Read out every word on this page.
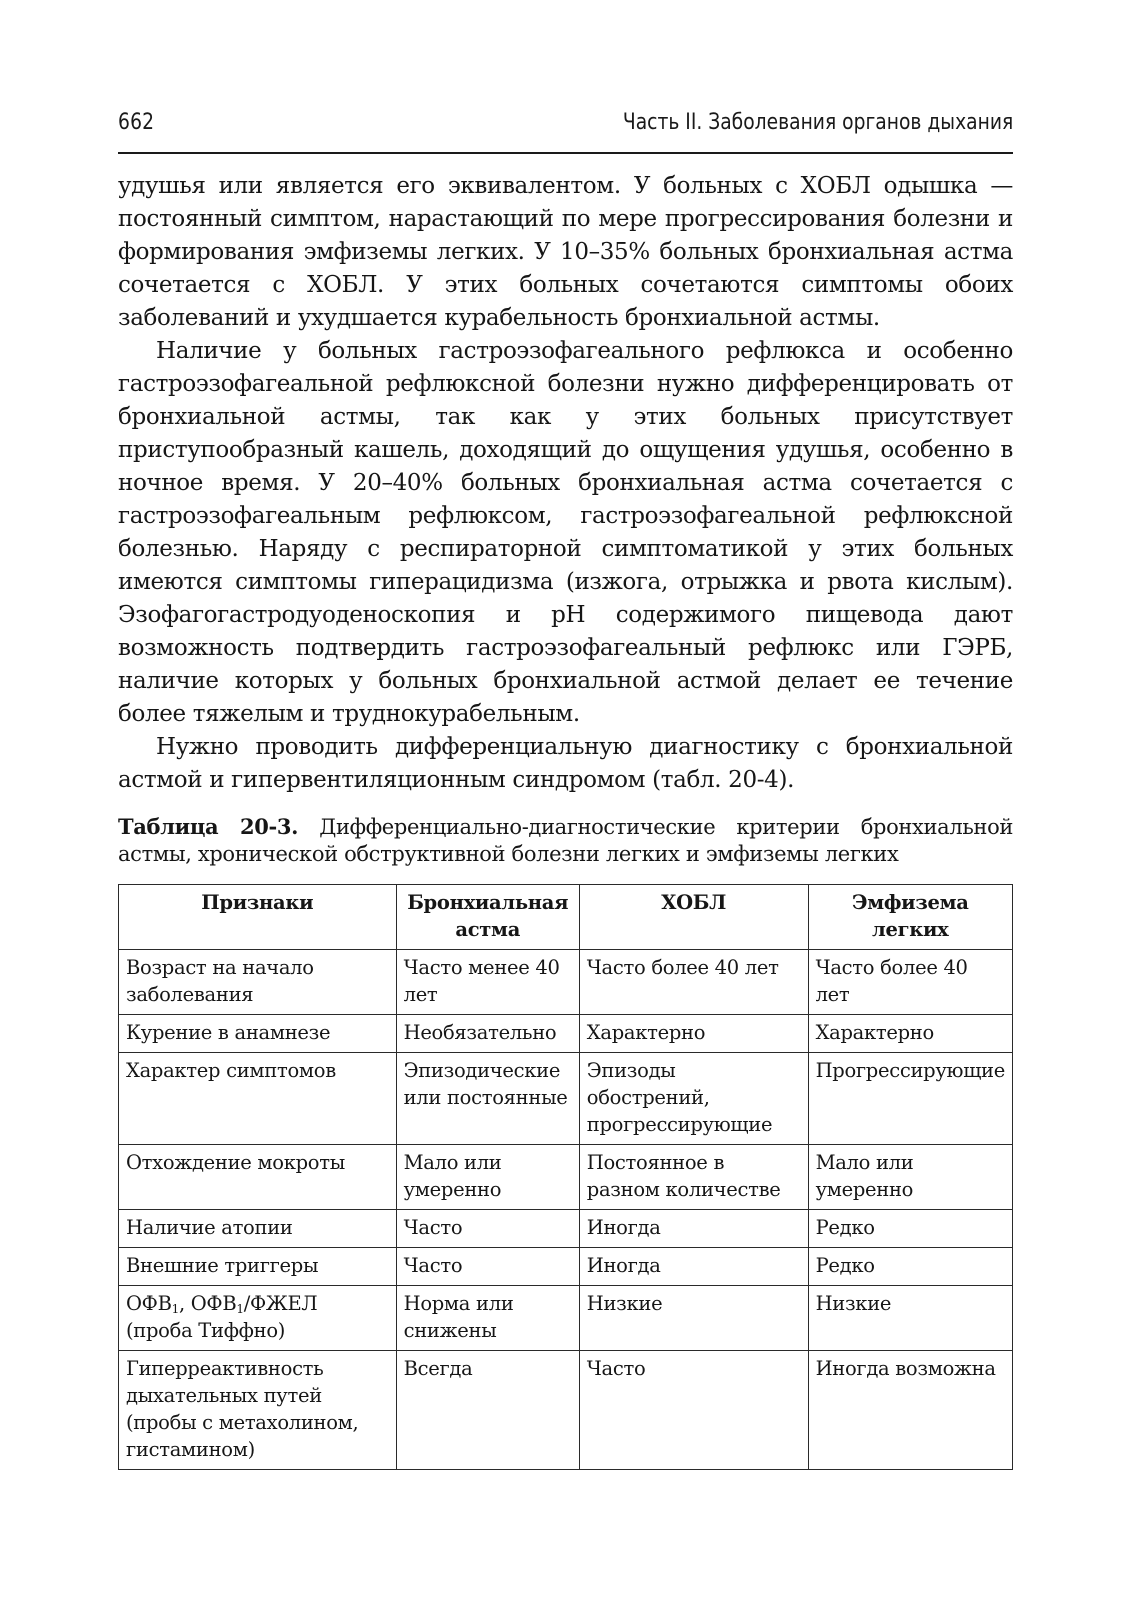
662	Часть II. Заболевания органов дыхания

удушья или является его эквивалентом. У больных с ХОБЛ одышка — постоянный симптом, нарастающий по мере прогрессирования болезни и формирования эмфиземы легких. У 10–35% больных бронхиальная астма сочетается с ХОБЛ. У этих больных сочетаются симптомы обоих заболеваний и ухудшается курабельность бронхиальной астмы.

Наличие у больных гастроэзофагеального рефлюкса и особенно гастроэзофагеальной рефлюксной болезни нужно дифференцировать от бронхиальной астмы, так как у этих больных присутствует приступообразный кашель, доходящий до ощущения удушья, особенно в ночное время. У 20–40% больных бронхиальная астма сочетается с гастроэзофагеальным рефлюксом, гастроэзофагеальной рефлюксной болезнью. Наряду с респираторной симптоматикой у этих больных имеются симптомы гиперацидизма (изжога, отрыжка и рвота кислым). Эзофагогастродуоденоскопия и pH содержимого пищевода дают возможность подтвердить гастроэзофагеальный рефлюкс или ГЭРБ, наличие которых у больных бронхиальной астмой делает ее течение более тяжелым и труднокурабельным.

Нужно проводить дифференциальную диагностику с бронхиальной астмой и гипервентиляционным синдромом (табл. 20-4).

Таблица 20-3. Дифференциально-диагностические критерии бронхиальной астмы, хронической обструктивной болезни легких и эмфиземы легких
Признаки	Бронхиальная астма	ХОБЛ	Эмфизема легких
Возраст на начало заболевания	Часто менее 40 лет	Часто более 40 лет	Часто более 40 лет
Курение в анамнезе	Необязательно	Характерно	Характерно
Характер симптомов	Эпизодические или постоянные	Эпизоды обострений, прогрессирующие	Прогрессирующие
Отхождение мокроты	Мало или умеренно	Постоянное в разном количестве	Мало или умеренно
Наличие атопии	Часто	Иногда	Редко
Внешние триггеры	Часто	Иногда	Редко
$ОФВ_1$, $ОФВ_1$/ФЖЕЛ (проба Тиффно)	Норма или снижены	Низкие	Низкие
Гиперреактивность дыхательных путей (пробы с метахолином, гистамином)	Всегда	Часто	Иногда возможна
